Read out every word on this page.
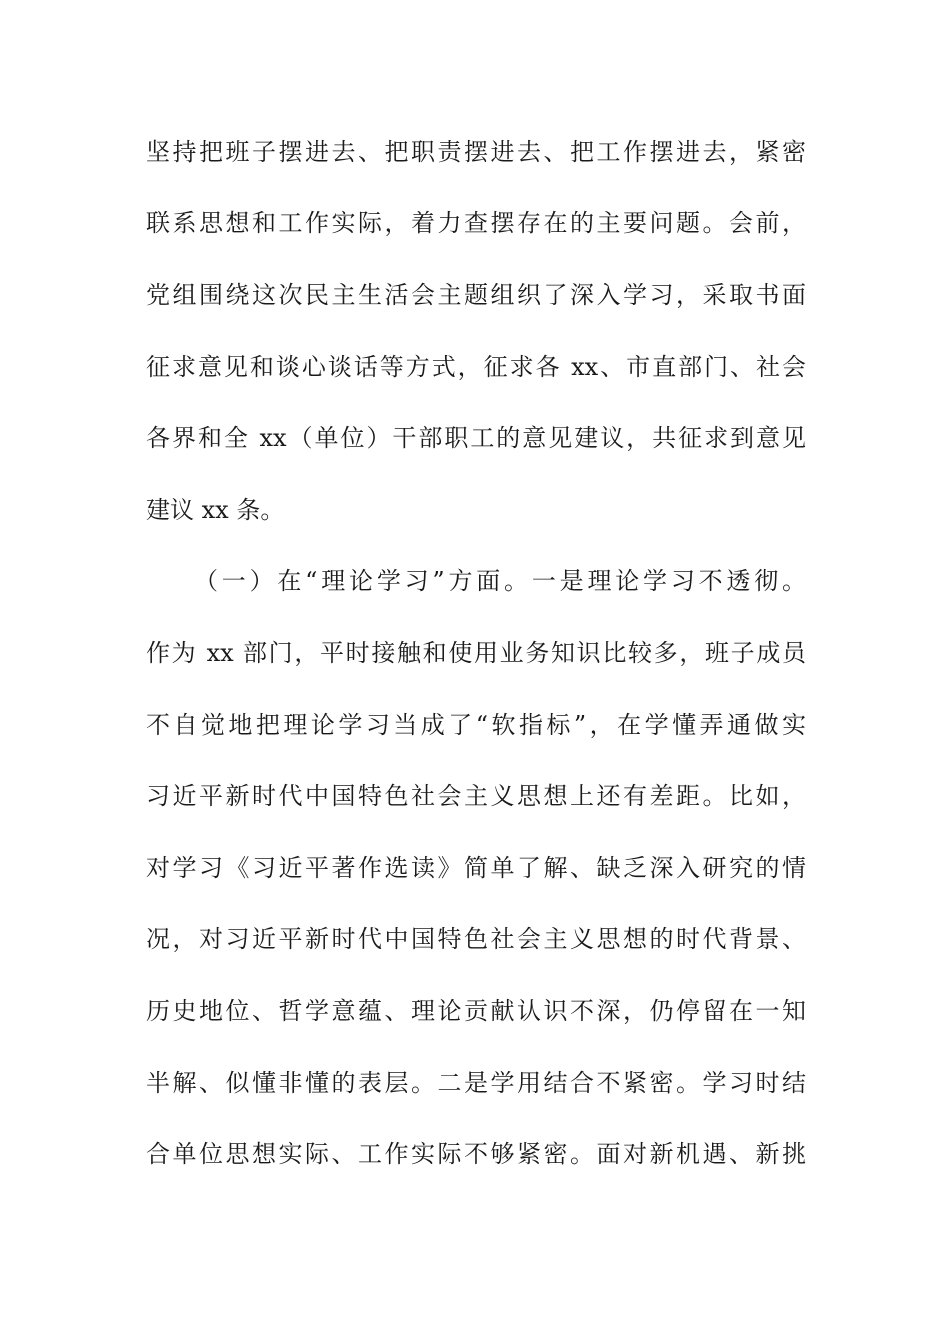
坚持把班子摆进去、把职责摆进去、把工作摆进去，紧密
联系思想和工作实际，着力查摆存在的主要问题。会前，
党组围绕这次民主生活会主题组织了深入学习，采取书面
征求意见和谈心谈话等方式，征求各 xx、市直部门、社会
各界和全 xx（单位）干部职工的意见建议，共征求到意见
建议 xx 条。
（一）在“理论学习”方面。一是理论学习不透彻。
作为 xx 部门，平时接触和使用业务知识比较多，班子成员
不自觉地把理论学习当成了“软指标”，在学懂弄通做实
习近平新时代中国特色社会主义思想上还有差距。比如，
对学习《习近平著作选读》简单了解、缺乏深入研究的情
况，对习近平新时代中国特色社会主义思想的时代背景、
历史地位、哲学意蕴、理论贡献认识不深，仍停留在一知
半解、似懂非懂的表层。二是学用结合不紧密。学习时结
合单位思想实际、工作实际不够紧密。面对新机遇、新挑
